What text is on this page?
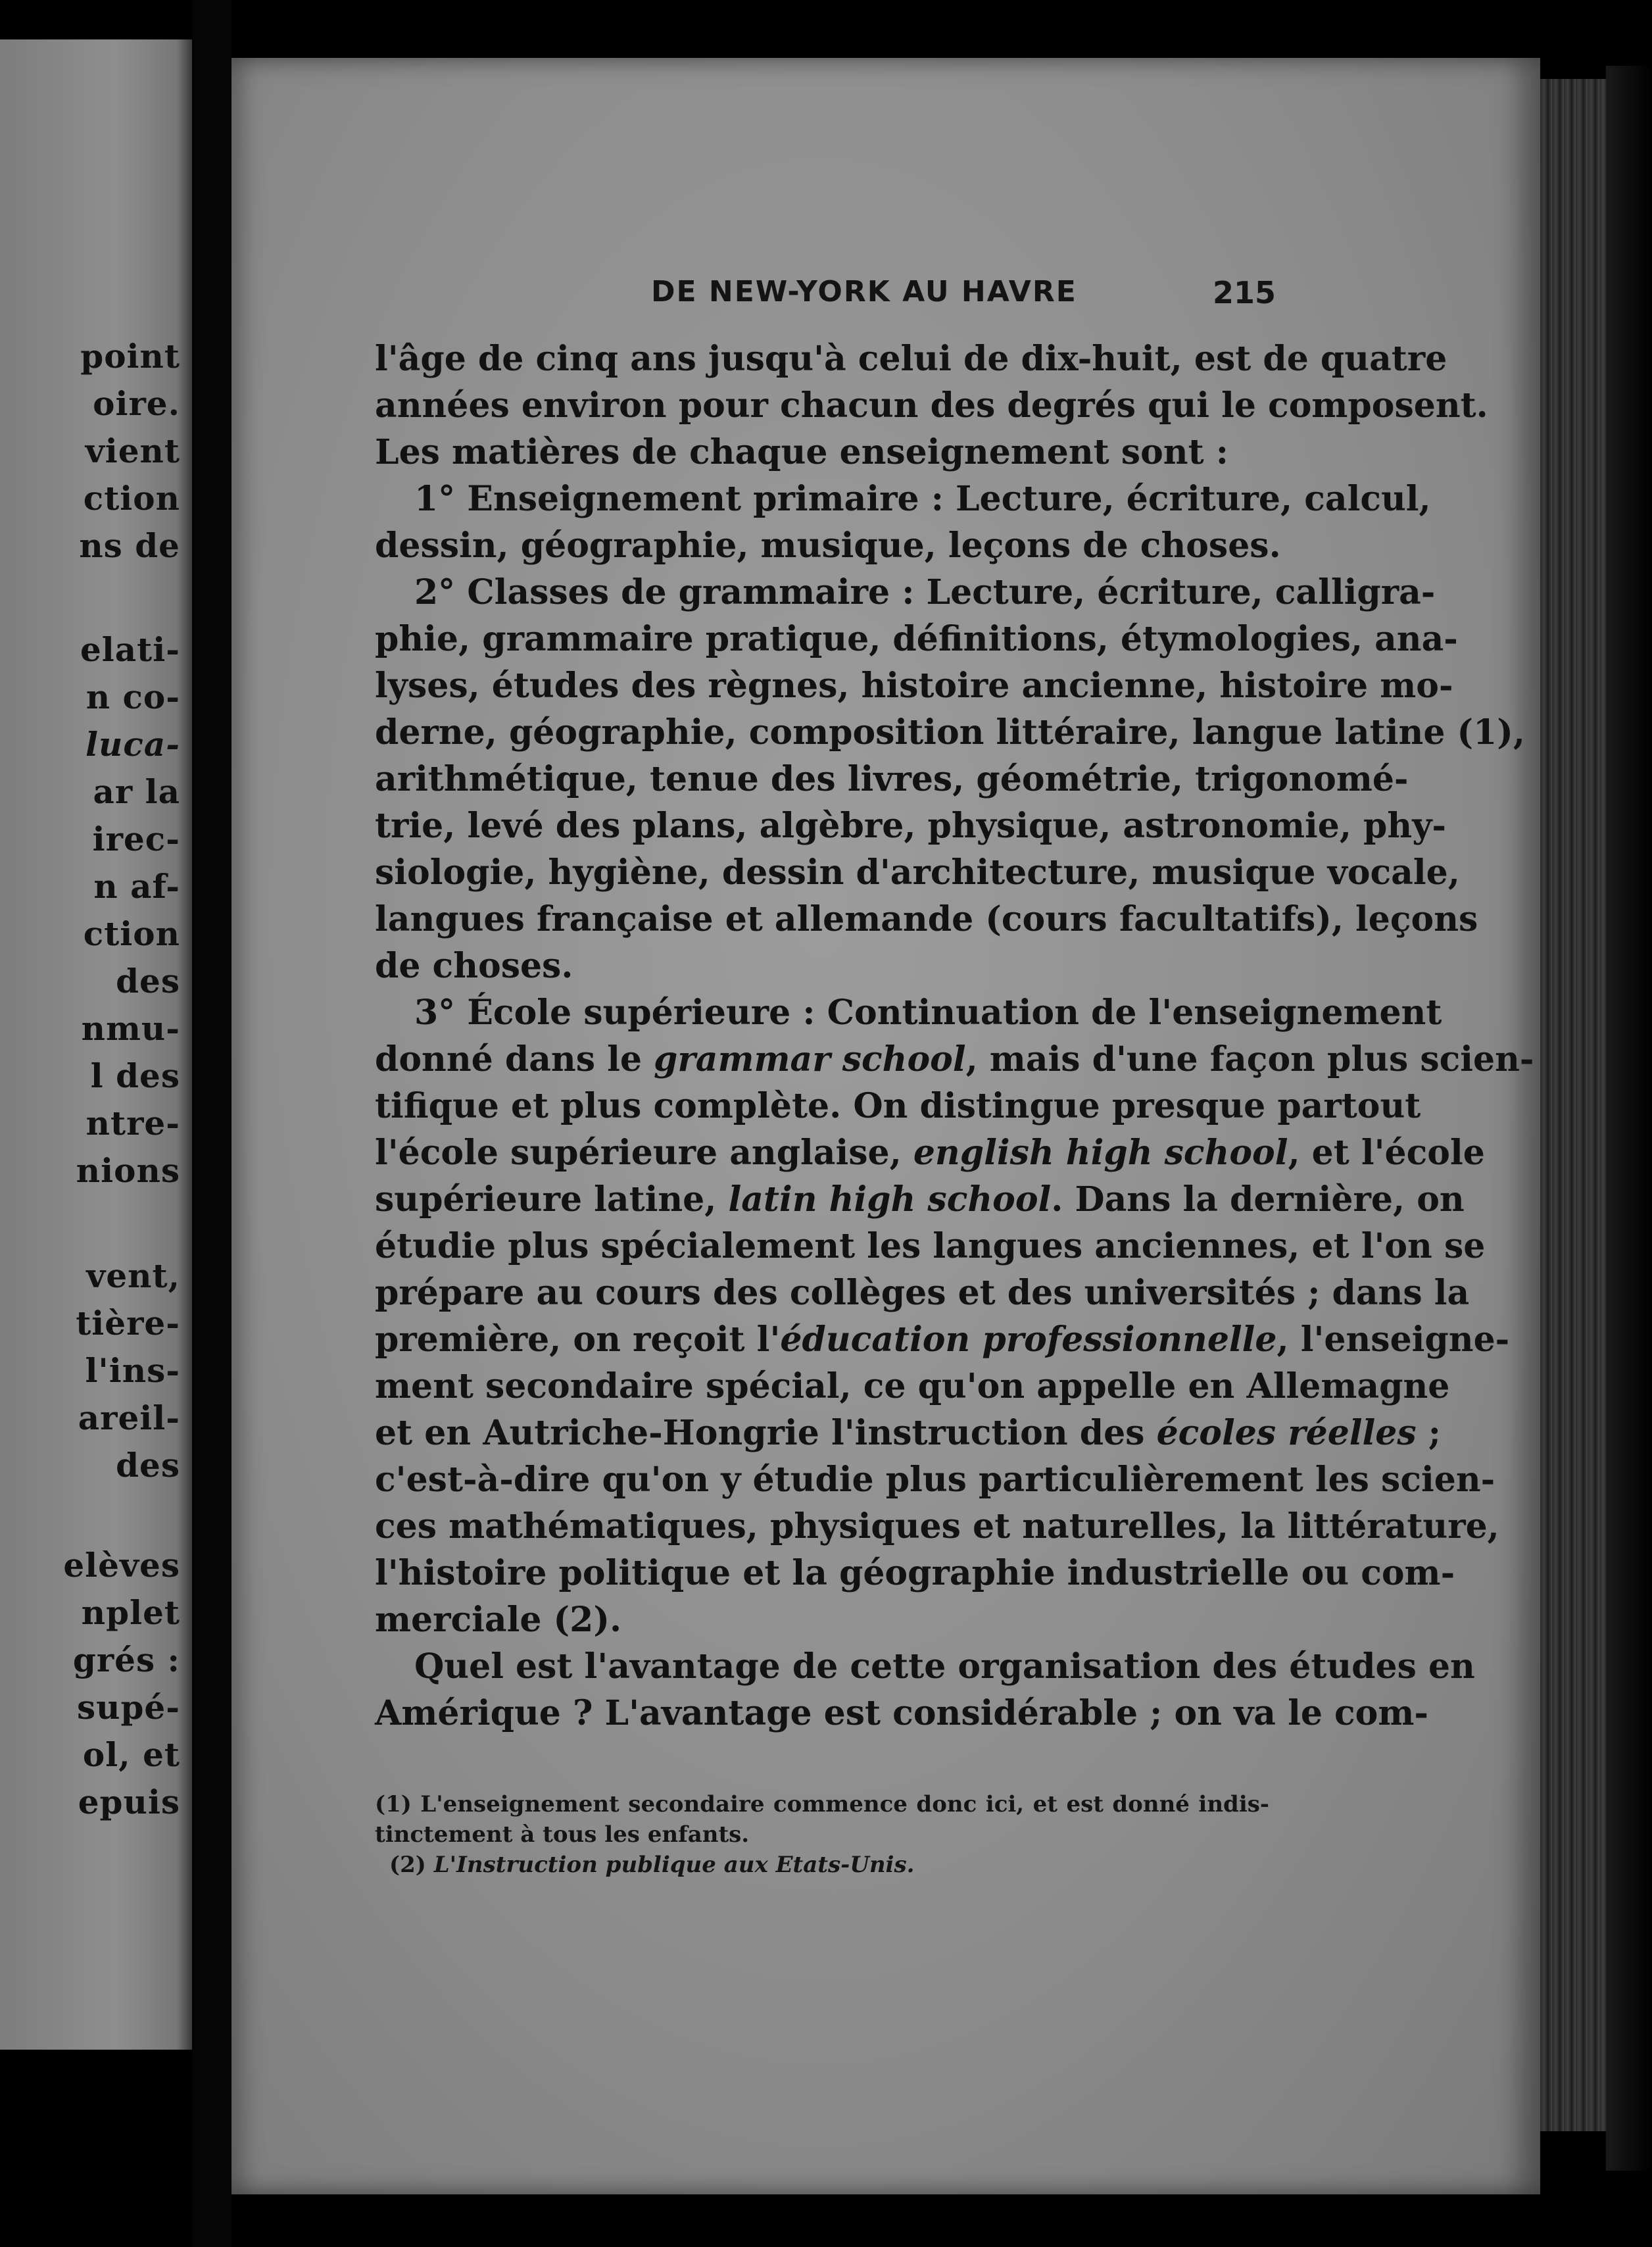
point

oire.

vient

ction

ns de

elati-

n co-

luca-

ar la

irec-

n af-

ction

des

nmu-

l des

ntre-

nions

vent,

tière-

l'ins-

areil-

des

elèves

nplet

grés :

supé-

ol, et

epuis

DE NEW-YORK AU HAVRE	215

l'âge de cinq ans jusqu'à celui de dix-huit, est de quatre

années environ pour chacun des degrés qui le composent.

Les matières de chaque enseignement sont :

1° Enseignement primaire : Lecture, écriture, calcul,

dessin, géographie, musique, leçons de choses.

2° Classes de grammaire : Lecture, écriture, calligra-

phie, grammaire pratique, définitions, étymologies, ana-

lyses, études des règnes, histoire ancienne, histoire mo-

derne, géographie, composition littéraire, langue latine (1),

arithmétique, tenue des livres, géométrie, trigonomé-

trie, levé des plans, algèbre, physique, astronomie, phy-

siologie, hygiène, dessin d'architecture, musique vocale,

langues française et allemande (cours facultatifs), leçons

de choses.

3° École supérieure : Continuation de l'enseignement

donné dans le grammar school, mais d'une façon plus scien-

tifique et plus complète. On distingue presque partout

l'école supérieure anglaise, english high school, et l'école

supérieure latine, latin high school. Dans la dernière, on

étudie plus spécialement les langues anciennes, et l'on se

prépare au cours des collèges et des universités ; dans la

première, on reçoit l'éducation professionnelle, l'enseigne-

ment secondaire spécial, ce qu'on appelle en Allemagne

et en Autriche-Hongrie l'instruction des écoles réelles ;

c'est-à-dire qu'on y étudie plus particulièrement les scien-

ces mathématiques, physiques et naturelles, la littérature,

l'histoire politique et la géographie industrielle ou com-

merciale (2).

Quel est l'avantage de cette organisation des études en

Amérique ? L'avantage est considérable ; on va le com-

(1) L'enseignement secondaire commence donc ici, et est donné indis-

tinctement à tous les enfants.

(2) L'Instruction publique aux Etats-Unis.
